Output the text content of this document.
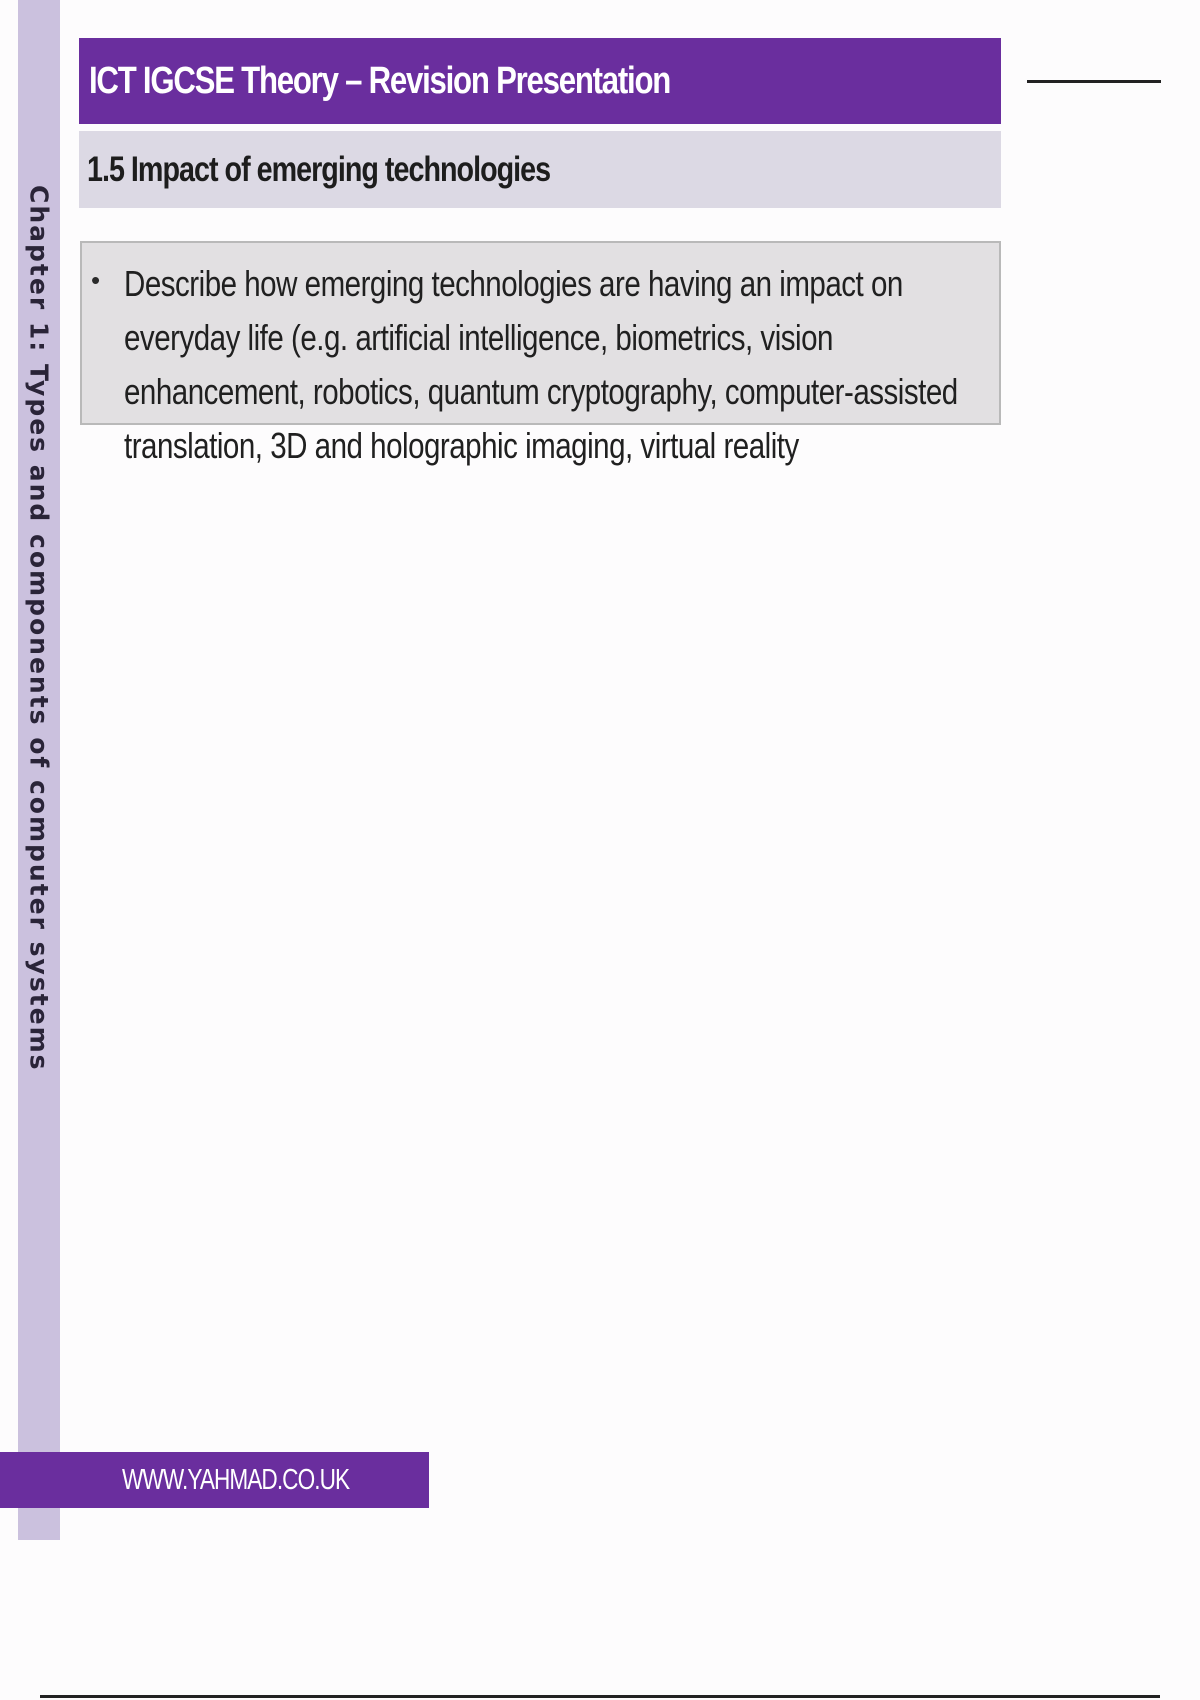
Chapter 1: Types and components of computer systems
ICT IGCSE Theory – Revision Presentation
1.5 Impact of emerging technologies
• Describe how emerging technologies are having an impact on everyday life (e.g. artificial intelligence, biometrics, vision enhancement, robotics, quantum cryptography, computer-assisted translation, 3D and holographic imaging, virtual reality
WWW.YAHMAD.CO.UK
